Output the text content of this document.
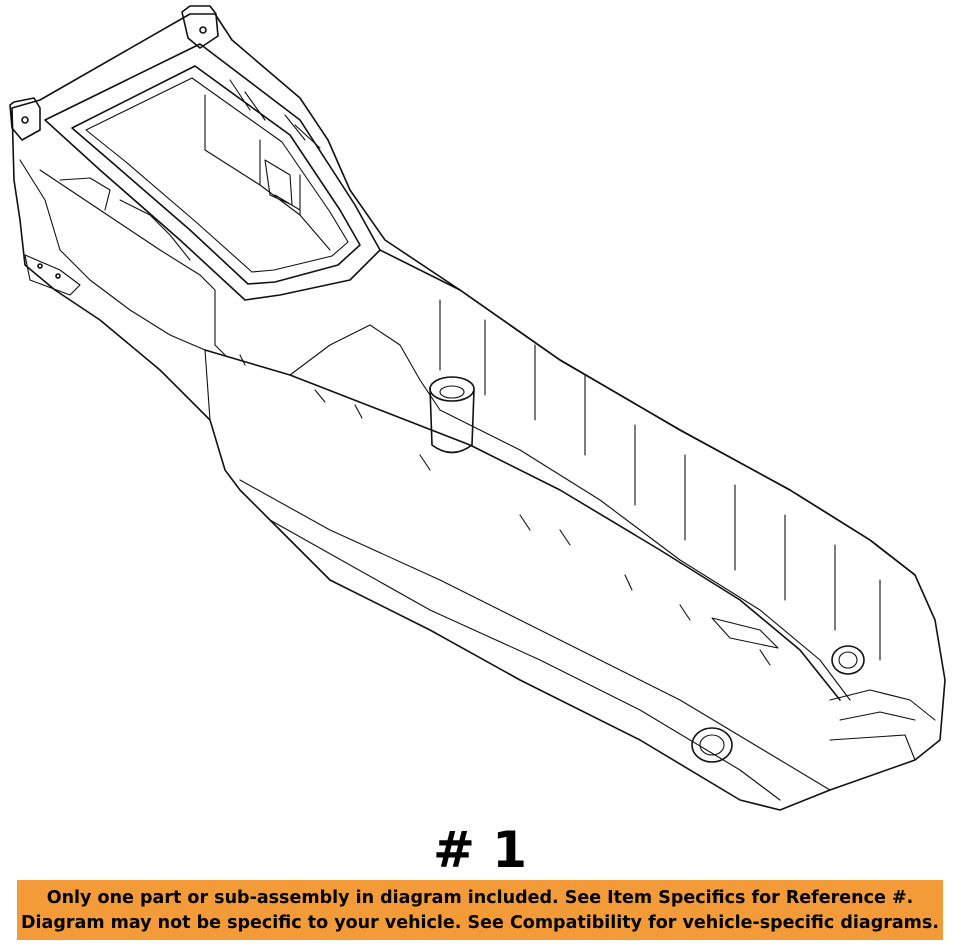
# 1
Only one part or sub-assembly in diagram included. See Item Specifics for Reference #.
Diagram may not be specific to your vehicle. See Compatibility for vehicle-specific diagrams.
